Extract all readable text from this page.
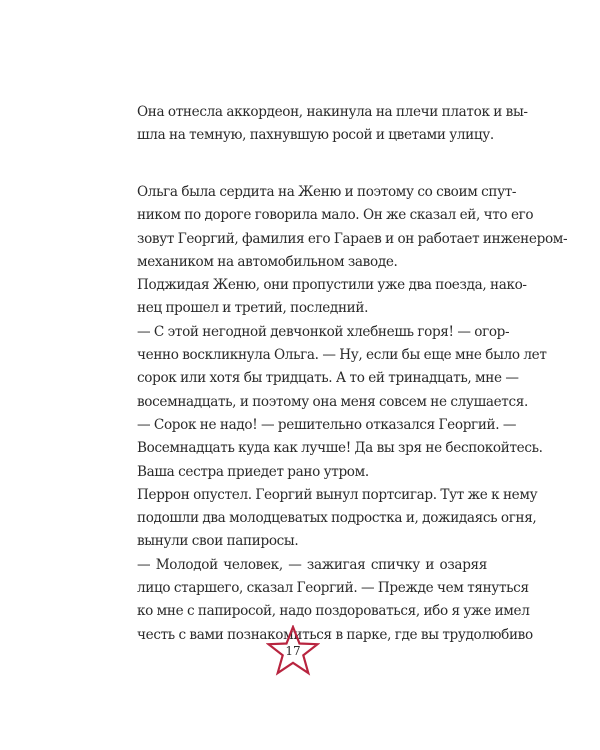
Она отнесла аккордеон, накинула на плечи платок и вы-
шла на темную, пахнувшую росой и цветами улицу.

Ольга была сердита на Женю и поэтому со своим спут-
ником по дороге говорила мало. Он же сказал ей, что его
зовут Георгий, фамилия его Гараев и он работает инженером-
механиком на автомобильном заводе.

Поджидая Женю, они пропустили уже два поезда, нако-
нец прошел и третий, последний.

— С этой негодной девчонкой хлебнешь горя! — огор-
ченно воскликнула Ольга. — Ну, если бы еще мне было лет
сорок или хотя бы тридцать. А то ей тринадцать, мне —
восемнадцать, и поэтому она меня совсем не слушается.

— Сорок не надо! — решительно отказался Георгий. —
Восемнадцать куда как лучше! Да вы зря не беспокойтесь.
Ваша сестра приедет рано утром.

Перрон опустел. Георгий вынул портсигар. Тут же к нему
подошли два молодцеватых подростка и, дожидаясь огня,
вынули свои папиросы.

— Молодой человек, — зажигая спичку и озаряя
лицо старшего, сказал Георгий. — Прежде чем тянуться
ко мне с папиросой, надо поздороваться, ибо я уже имел
честь с вами познакомиться в парке, где вы трудолюбиво

17
